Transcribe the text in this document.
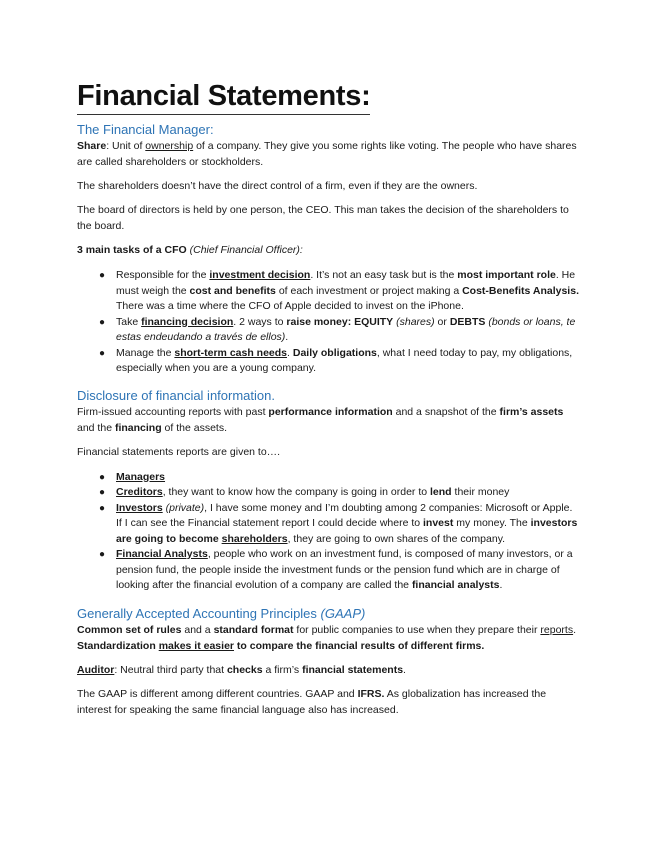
Financial Statements:
The Financial Manager:

Share: Unit of ownership of a company. They give you some rights like voting. The people who have shares are called shareholders or stockholders.

The shareholders doesn’t have the direct control of a firm, even if they are the owners.

The board of directors is held by one person, the CEO. This man takes the decision of the shareholders to the board.

3 main tasks of a CFO (Chief Financial Officer):

● Responsible for the investment decision. It’s not an easy task but is the most important role. He must weigh the cost and benefits of each investment or project making a Cost-Benefits Analysis. There was a time where the CFO of Apple decided to invest on the iPhone.
● Take financing decision. 2 ways to raise money: EQUITY (shares) or DEBTS (bonds or loans, te estas endeudando a través de ellos).
● Manage the short-term cash needs. Daily obligations, what I need today to pay, my obligations, especially when you are a young company.
Disclosure of financial information.

Firm-issued accounting reports with past performance information and a snapshot of the firm’s assets and the financing of the assets.

Financial statements reports are given to….

● Managers
● Creditors, they want to know how the company is going in order to lend their money
● Investors (private), I have some money and I’m doubting among 2 companies: Microsoft or Apple. If I can see the Financial statement report I could decide where to invest my money. The investors are going to become shareholders, they are going to own shares of the company.
● Financial Analysts, people who work on an investment fund, is composed of many investors, or a pension fund, the people inside the investment funds or the pension fund which are in charge of looking after the financial evolution of a company are called the financial analysts.
Generally Accepted Accounting Principles (GAAP)

Common set of rules and a standard format for public companies to use when they prepare their reports. Standardization makes it easier to compare the financial results of different firms.

Auditor: Neutral third party that checks a firm’s financial statements.

The GAAP is different among different countries. GAAP and IFRS. As globalization has increased the interest for speaking the same financial language also has increased.
